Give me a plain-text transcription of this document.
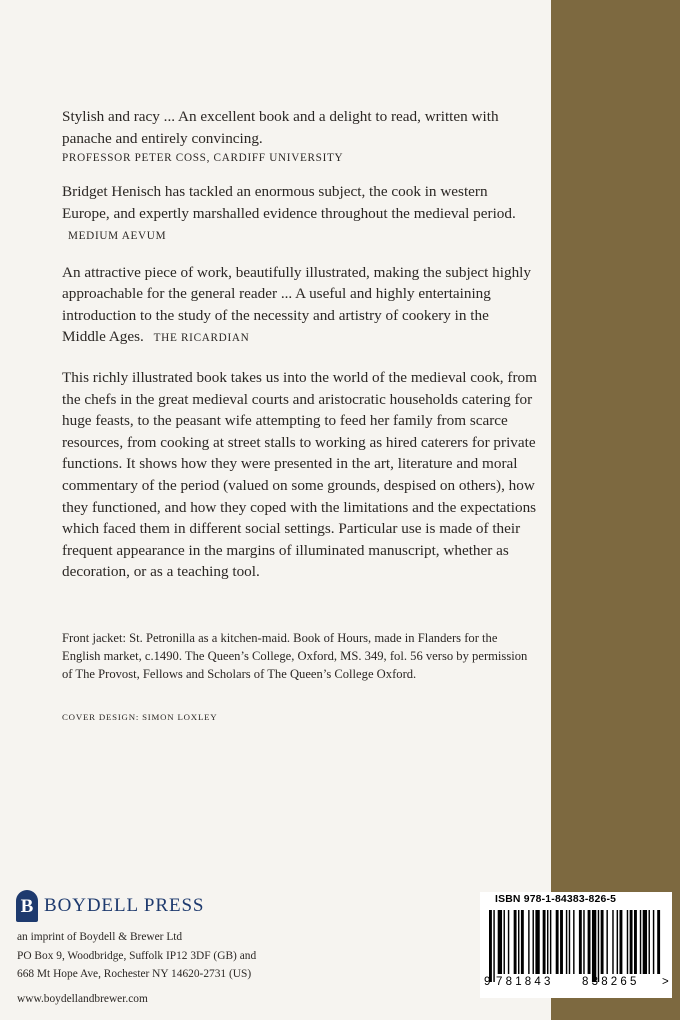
Stylish and racy ... An excellent book and a delight to read, written with panache and entirely convincing.
PROFESSOR PETER COSS, CARDIFF UNIVERSITY

Bridget Henisch has tackled an enormous subject, the cook in western Europe, and expertly marshalled evidence throughout the medieval period. MEDIUM AEVUM

An attractive piece of work, beautifully illustrated, making the subject highly approachable for the general reader ... A useful and highly entertaining introduction to the study of the necessity and artistry of cookery in the Middle Ages. THE RICARDIAN

This richly illustrated book takes us into the world of the medieval cook, from the chefs in the great medieval courts and aristocratic households catering for huge feasts, to the peasant wife attempting to feed her family from scarce resources, from cooking at street stalls to working as hired caterers for private functions. It shows how they were presented in the art, literature and moral commentary of the period (valued on some grounds, despised on others), how they functioned, and how they coped with the limitations and the expectations which faced them in different social settings. Particular use is made of their frequent appearance in the margins of illuminated manuscript, whether as decoration, or as a teaching tool.

Front jacket: St. Petronilla as a kitchen-maid. Book of Hours, made in Flanders for the English market, c.1490. The Queen’s College, Oxford, MS. 349, fol. 56 verso by permission of The Provost, Fellows and Scholars of The Queen’s College Oxford.

COVER DESIGN: SIMON LOXLEY
B BOYDELL PRESS
an imprint of Boydell & Brewer Ltd
PO Box 9, Woodbridge, Suffolk IP12 3DF (GB) and
668 Mt Hope Ave, Rochester NY 14620-2731 (US)
www.boydellandbrewer.com
ISBN 978-1-84383-826-5
9 781843 838265 >
